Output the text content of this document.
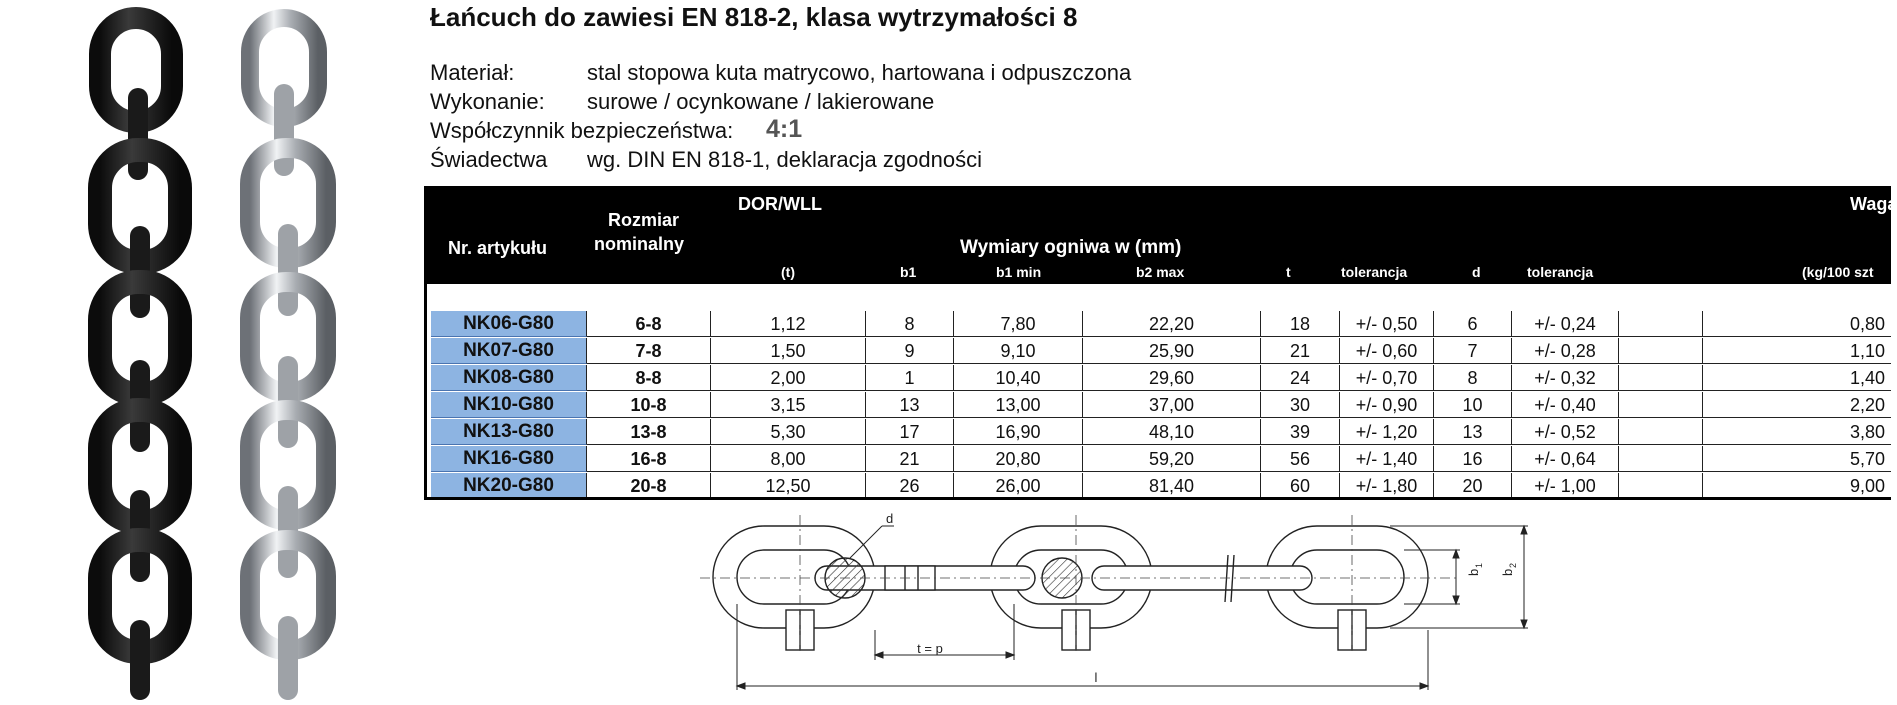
Łańcuch do zawiesi EN 818-2, klasa wytrzymałości 8
Materiał:	stal stopowa kuta matrycowo, hartowana i odpuszczona
Wykonanie: surowe / ocynkowane / lakierowane
Współczynnik bezpieczeństwa: 4:1
Świadectwa wg. DIN EN 818-1, deklaracja zgodności
Nr. artykułu
Rozmiar
nominalny
DOR/WLL
(t)
Wymiary ogniwa w (mm)
b1	b1 min	b2 max	t	tolerancja	d	tolerancja
Waga
(kg/100 szt
NK06-G80	6-8	1,12	8	7,80	22,20	18	+/- 0,50	6	+/- 0,24	0,80
NK07-G80	7-8	1,50	9	9,10	25,90	21	+/- 0,60	7	+/- 0,28	1,10
NK08-G80	8-8	2,00	1	10,40	29,60	24	+/- 0,70	8	+/- 0,32	1,40
NK10-G80	10-8	3,15	13	13,00	37,00	30	+/- 0,90	10	+/- 0,40	2,20
NK13-G80	13-8	5,30	17	16,90	48,10	39	+/- 1,20	13	+/- 0,52	3,80
NK16-G80	16-8	8,00	21	20,80	59,20	56	+/- 1,40	16	+/- 0,64	5,70
NK20-G80	20-8	12,50	26	26,00	81,40	60	+/- 1,80	20	+/- 1,00	9,00
d
t = p
l
b
1
b
2
